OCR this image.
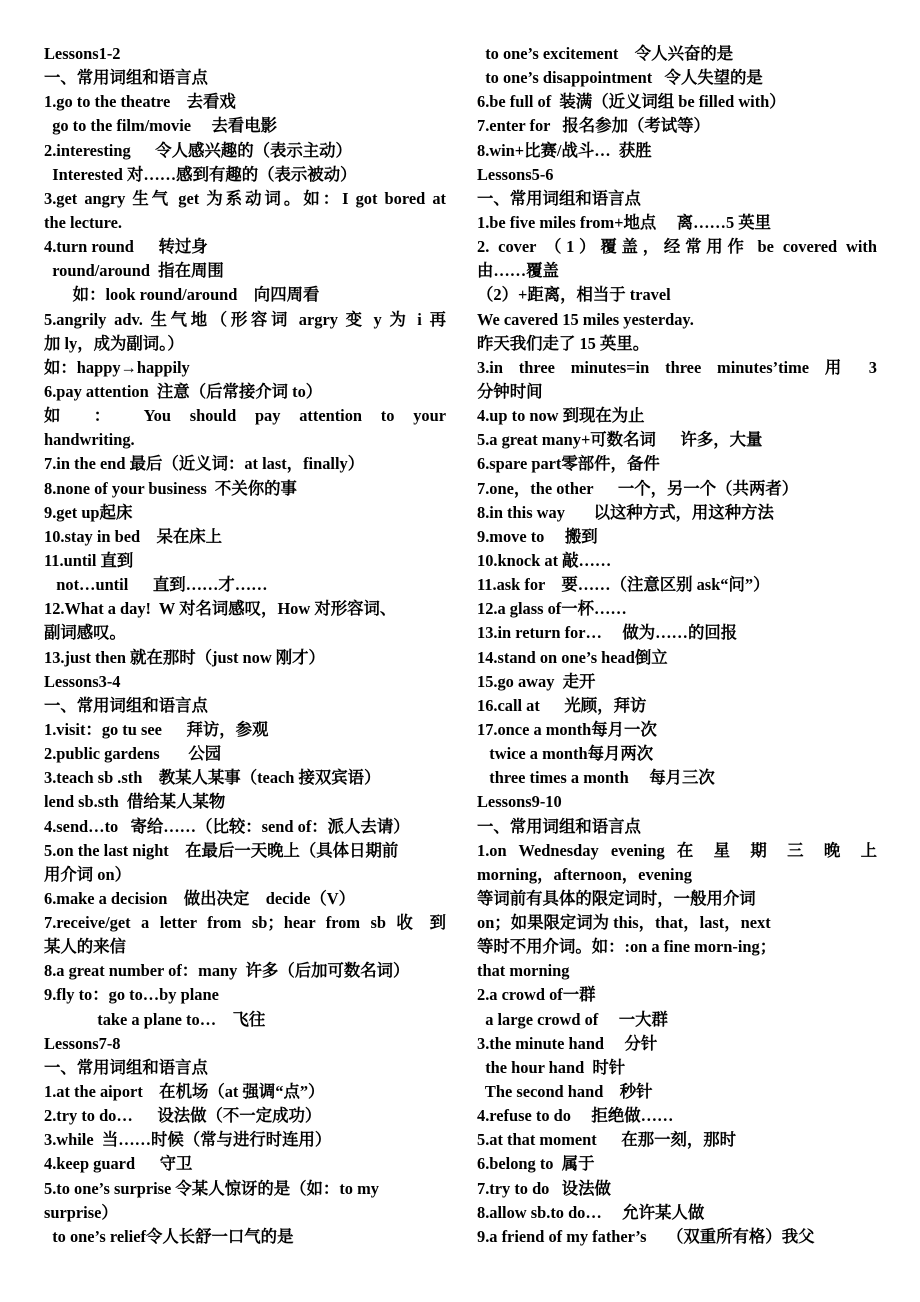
Lessons1-2
一、常用词组和语言点
1.go to the theatre    去看戏
go to the film/movie     去看电影
2.interesting      令人感兴趣的（表示主动）
Interested 对……感到有趣的（表示被动）
3.get angry 生气 get 为系动词。如：I got bored at
the lecture.
4.turn round      转过身
round/around  指在周围
如：look round/around    向四周看
5.angrily adv. 生气地（形容词 argry 变 y 为 i 再
加 ly，成为副词。）
如：happy→happily
6.pay attention  注意（后常接介词 to）
如 ： You should pay attention to your
handwriting.
7.in the end 最后（近义词：at last，finally）
8.none of your business  不关你的事
9.get up起床
10.stay in bed    呆在床上
11.until 直到
not…until      直到……才……
12.What a day!  W 对名词感叹，How 对形容词、
副词感叹。
13.just then 就在那时（just now 刚才）
Lessons3-4
一、常用词组和语言点
1.visit：go tu see      拜访，参观
2.public gardens       公园
3.teach sb .sth    教某人某事（teach 接双宾语）
lend sb.sth  借给某人某物
4.send…to   寄给……（比较：send of：派人去请）
5.on the last night    在最后一天晚上（具体日期前
用介词 on）
6.make a decision    做出决定    decide（V）
7.receive/get a letter from sb；hear from sb 收 到
某人的来信
8.a great number of：many  许多（后加可数名词）
9.fly to：go to…by plane
take a plane to…    飞往
Lessons7-8
一、常用词组和语言点
1.at the aiport    在机场（at 强调“点”）
2.try to do…      设法做（不一定成功）
3.while  当……时候（常与进行时连用）
4.keep guard      守卫
5.to one’s surprise 令某人惊讶的是（如：to my
surprise）
to one’s relief令人长舒一口气的是
to one’s excitement    令人兴奋的是
to one’s disappointment   令人失望的是
6.be full of  装满（近义词组 be filled with）
7.enter for   报名参加（考试等）
8.win+比赛/战斗…  获胜
Lessons5-6
一、常用词组和语言点
1.be five miles from+地点     离……5 英里
2. cover （1）覆盖，经常用作 be covered with
由……覆盖
（2）+距离，相当于 travel
We cavered 15 miles yesterday.
昨天我们走了 15 英里。
3.in three minutes=in three minutes’time 用 3
分钟时间
4.up to now 到现在为止
5.a great many+可数名词      许多，大量
6.spare part零部件，备件
7.one，the other      一个，另一个（共两者）
8.in this way       以这种方式，用这种方法
9.move to     搬到
10.knock at 敲……
11.ask for    要……（注意区别 ask“问”）
12.a glass of一杯……
13.in return for…     做为……的回报
14.stand on one’s head倒立
15.go away  走开
16.call at      光顾，拜访
17.once a month每月一次
twice a month每月两次
three times a month     每月三次
Lessons9-10
一、常用词组和语言点
1.on Wednesday evening 在 星 期 三 晚 上
morning，afternoon，evening
等词前有具体的限定词时，一般用介词
on；如果限定词为 this，that，last，next
等时不用介词。如：:on a fine morn-ing；
that morning
2.a crowd of一群
a large crowd of     一大群
3.the minute hand     分针
the hour hand  时针
The second hand    秒针
4.refuse to do     拒绝做……
5.at that moment      在那一刻，那时
6.belong to  属于
7.try to do   设法做
8.allow sb.to do…     允许某人做
9.a friend of my father’s     （双重所有格）我父
